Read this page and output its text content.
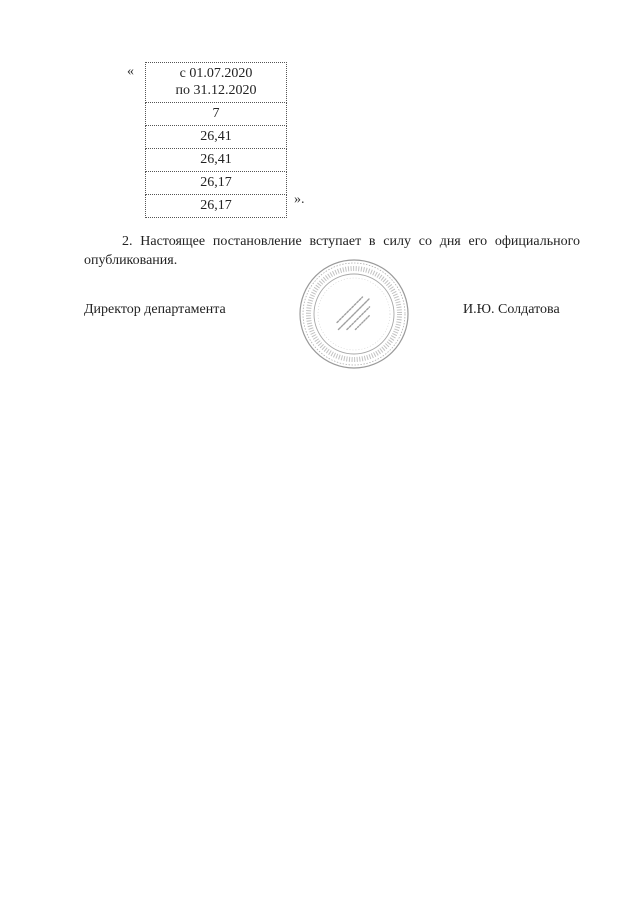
«	с 01.07.2020
по 31.12.2020

7
26,41
26,41
26,17
26,17	».
2. Настоящее постановление вступает в силу со дня его официального
опубликования.
Директор департамента	И.Ю. Солдатова
